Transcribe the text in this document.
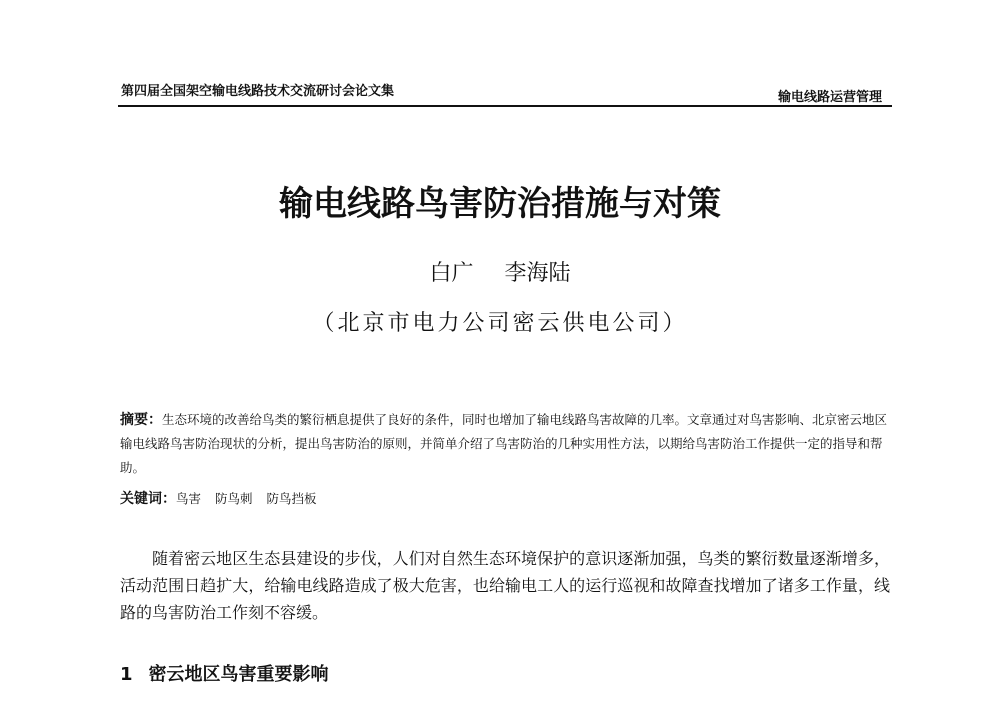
第四届全国架空输电线路技术交流研讨会论文集	输电线路运营管理
输电线路鸟害防治措施与对策
白广 李海陆
（北京市电力公司密云供电公司）
摘要：生态环境的改善给鸟类的繁衍栖息提供了良好的条件，同时也增加了输电线路鸟害故障的几率。文章通过对鸟害影响、北京密云地区输电线路鸟害防治现状的分析，提出鸟害防治的原则，并简单介绍了鸟害防治的几种实用性方法，以期给鸟害防治工作提供一定的指导和帮助。
关键词：鸟害 防鸟刺 防鸟挡板
随着密云地区生态县建设的步伐，人们对自然生态环境保护的意识逐渐加强，鸟类的繁衍数量逐渐增多，活动范围日趋扩大，给输电线路造成了极大危害，也给输电工人的运行巡视和故障查找增加了诸多工作量，线路的鸟害防治工作刻不容缓。
1 密云地区鸟害重要影响
